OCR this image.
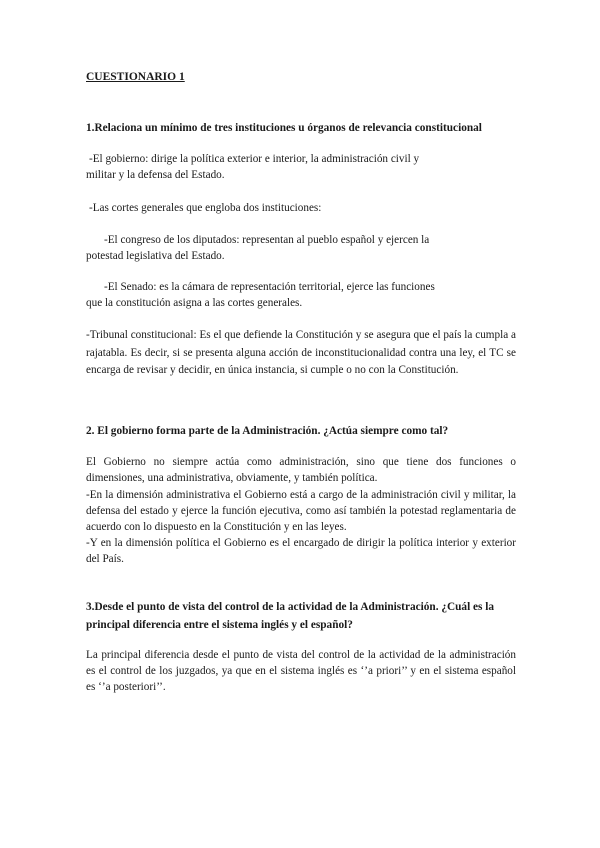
CUESTIONARIO 1
1.Relaciona un mínimo de tres instituciones u órganos de relevancia constitucional
-El gobierno: dirige la política exterior e interior, la administración civil y
militar y la defensa del Estado.
-Las cortes generales que engloba dos instituciones:
-El congreso de los diputados: representan al pueblo español y ejercen la
potestad legislativa del Estado.
-El Senado: es la cámara de representación territorial, ejerce las funciones
que la constitución asigna a las cortes generales.
-Tribunal constitucional: Es el que defiende la Constitución y se asegura que el país la cumpla a rajatabla. Es decir, si se presenta alguna acción de inconstitucionalidad contra una ley, el TC se encarga de revisar y decidir, en única instancia, si cumple o no con la Constitución.
2. El gobierno forma parte de la Administración. ¿Actúa siempre como tal?
El Gobierno no siempre actúa como administración, sino que tiene dos funciones o dimensiones, una administrativa, obviamente, y también política.
-En la dimensión administrativa el Gobierno está a cargo de la administración civil y militar, la defensa del estado y ejerce la función ejecutiva, como así también la potestad reglamentaria de acuerdo con lo dispuesto en la Constitución y en las leyes.
-Y en la dimensión política el Gobierno es el encargado de dirigir la política interior y exterior del País.
3.Desde el punto de vista del control de la actividad de la Administración. ¿Cuál es la principal diferencia entre el sistema inglés y el español?
La principal diferencia desde el punto de vista del control de la actividad de la administración es el control de los juzgados, ya que en el sistema inglés es ‘’a priori’’ y en el sistema español es ‘’a posteriori’’.
